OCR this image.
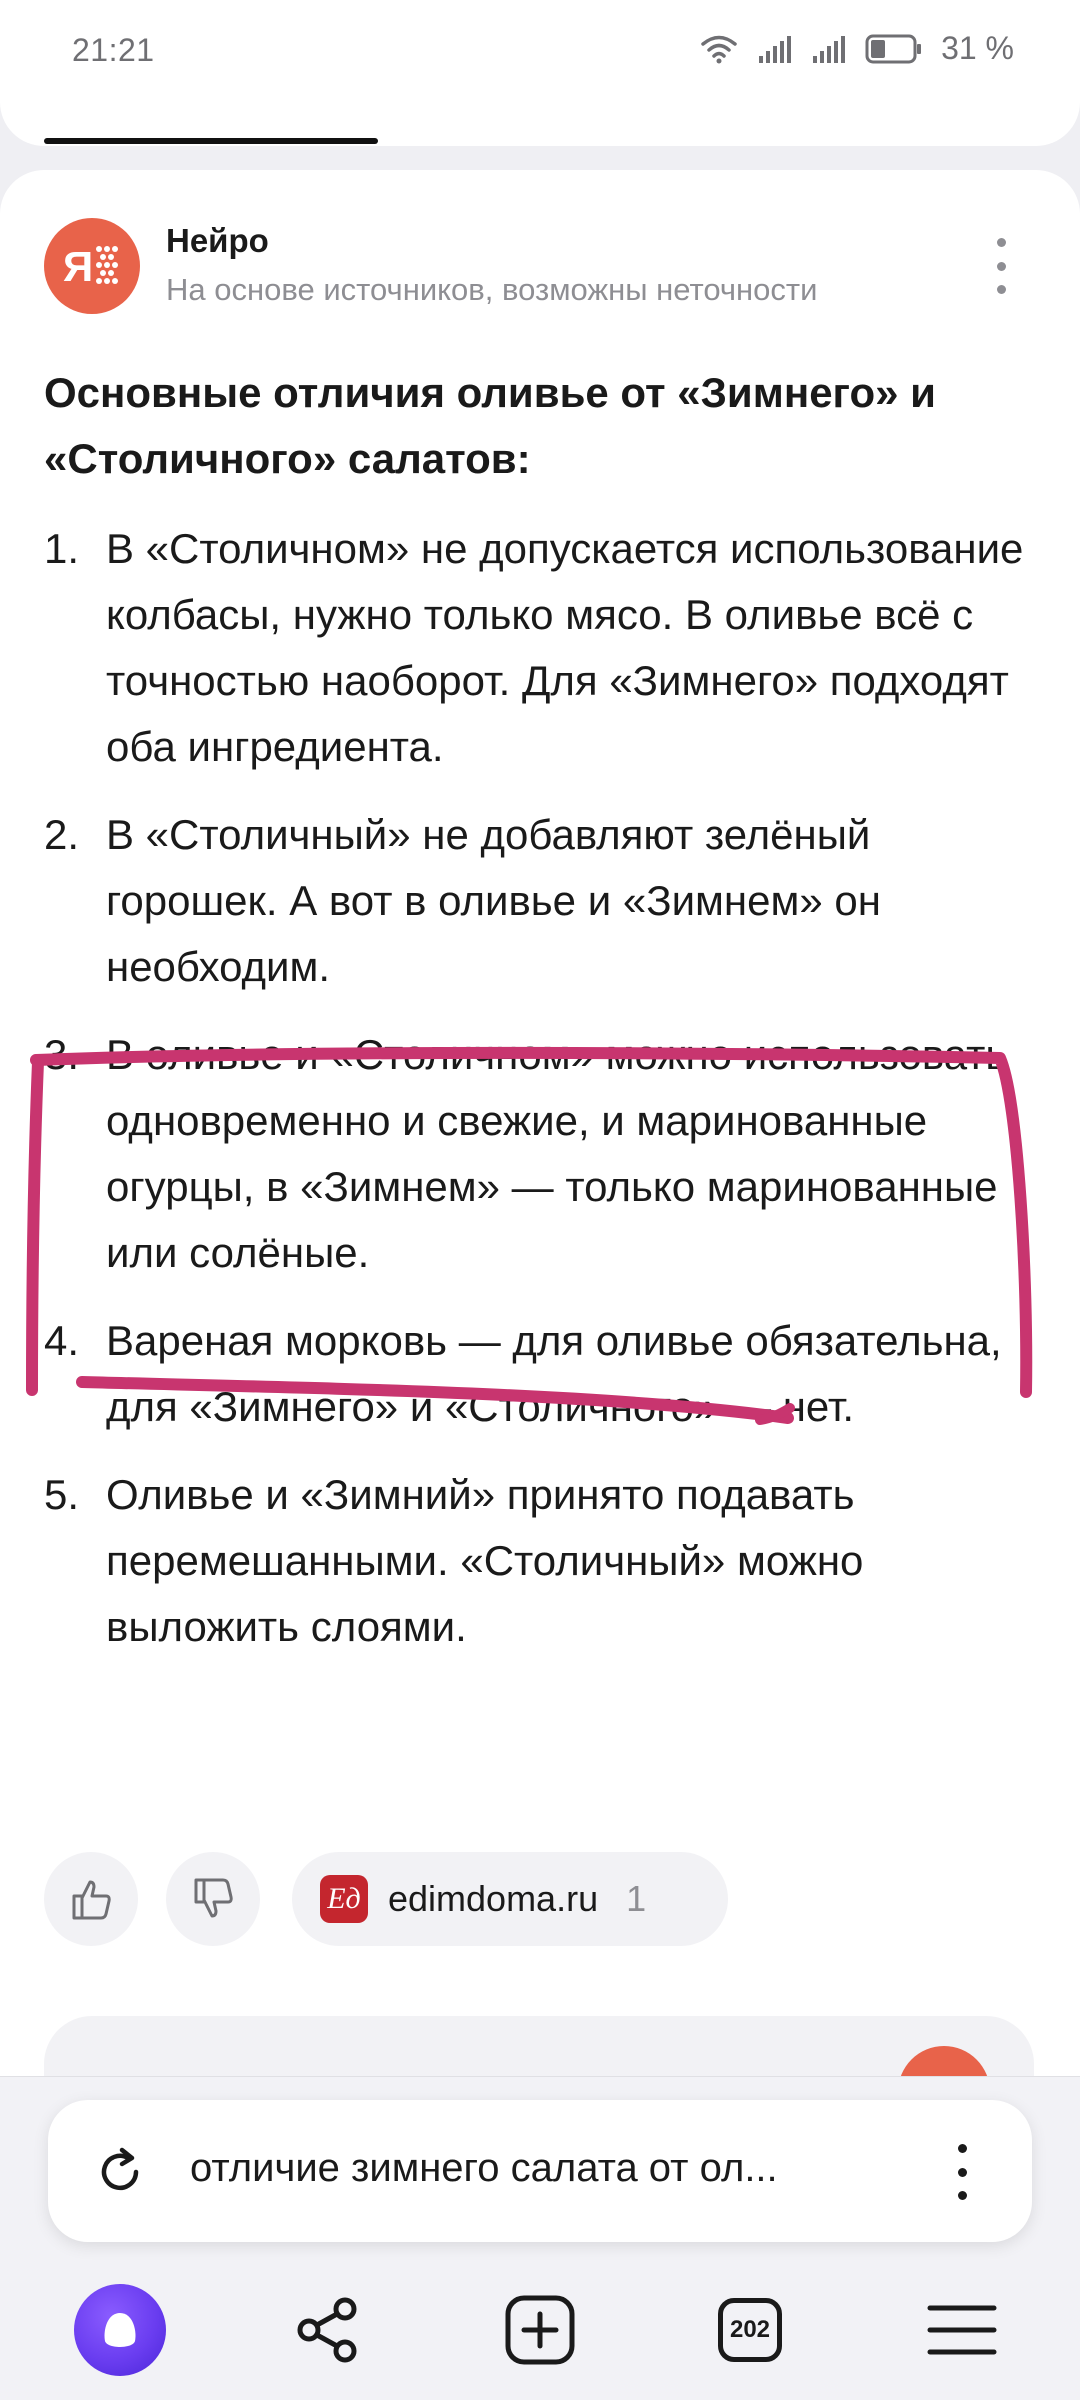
21:21	31 %
Я
Нейро
На основе источников, возможны неточности
Основные отличия оливье от «Зимнего» и «Столичного» салатов:
1. В «Столичном» не допускается использование колбасы, нужно только мясо. В оливье всё с точностью наоборот. Для «Зимнего» подходят оба ингредиента.
2. В «Столичный» не добавляют зелёный горошек. А вот в оливье и «Зимнем» он необходим.
3. В оливье и «Столичном» можно использовать одновременно и свежие, и маринованные огурцы, в «Зимнем» — только маринованные или солёные.
4. Вареная морковь — для оливье обязательна, для «Зимнего» и «Столичного» — нет.
5. Оливье и «Зимний» принято подавать перемешанными. «Столичный» можно выложить слоями.
Ед edimdoma.ru 1
отличие зимнего салата от ол...
202
